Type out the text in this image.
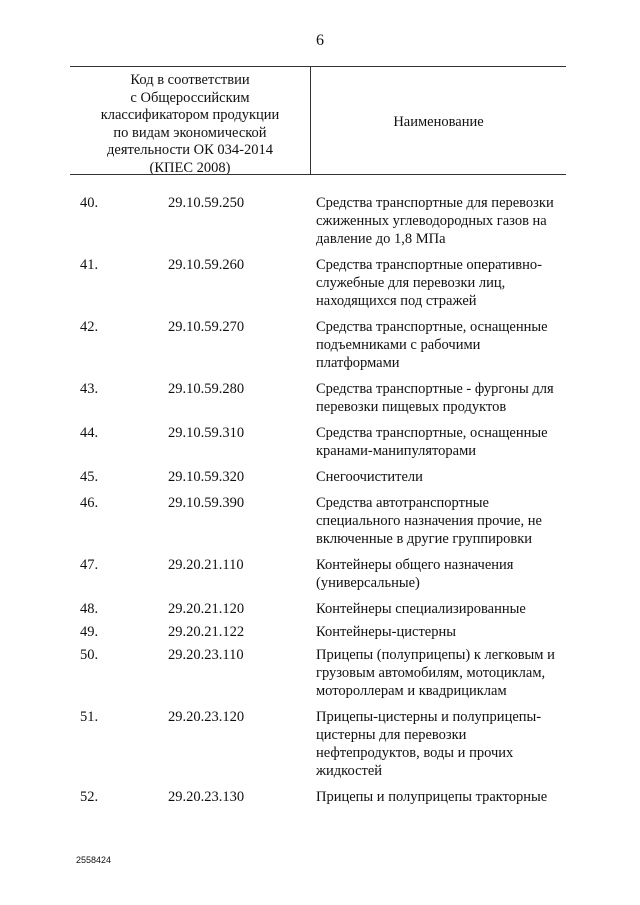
6
Код в соответствии
с Общероссийским
классификатором продукции
по видам экономической
деятельности ОК 034-2014
(КПЕС 2008)
Наименование
40.	29.10.59.250	Средства транспортные для перевозки сжиженных углеводородных газов на давление до 1,8 МПа
41.	29.10.59.260	Средства транспортные оперативно-служебные для перевозки лиц, находящихся под стражей
42.	29.10.59.270	Средства транспортные, оснащенные подъемниками с рабочими платформами
43.	29.10.59.280	Средства транспортные - фургоны для перевозки пищевых продуктов
44.	29.10.59.310	Средства транспортные, оснащенные кранами-манипуляторами
45.	29.10.59.320	Снегоочистители
46.	29.10.59.390	Средства автотранспортные специального назначения прочие, не включенные в другие группировки
47.	29.20.21.110	Контейнеры общего назначения (универсальные)
48.	29.20.21.120	Контейнеры специализированные
49.	29.20.21.122	Контейнеры-цистерны
50.	29.20.23.110	Прицепы (полуприцепы) к легковым и грузовым автомобилям, мотоциклам, мотороллерам и квадрициклам
51.	29.20.23.120	Прицепы-цистерны и полуприцепы-цистерны для перевозки нефтепродуктов, воды и прочих жидкостей
52.	29.20.23.130	Прицепы и полуприцепы тракторные
2558424
